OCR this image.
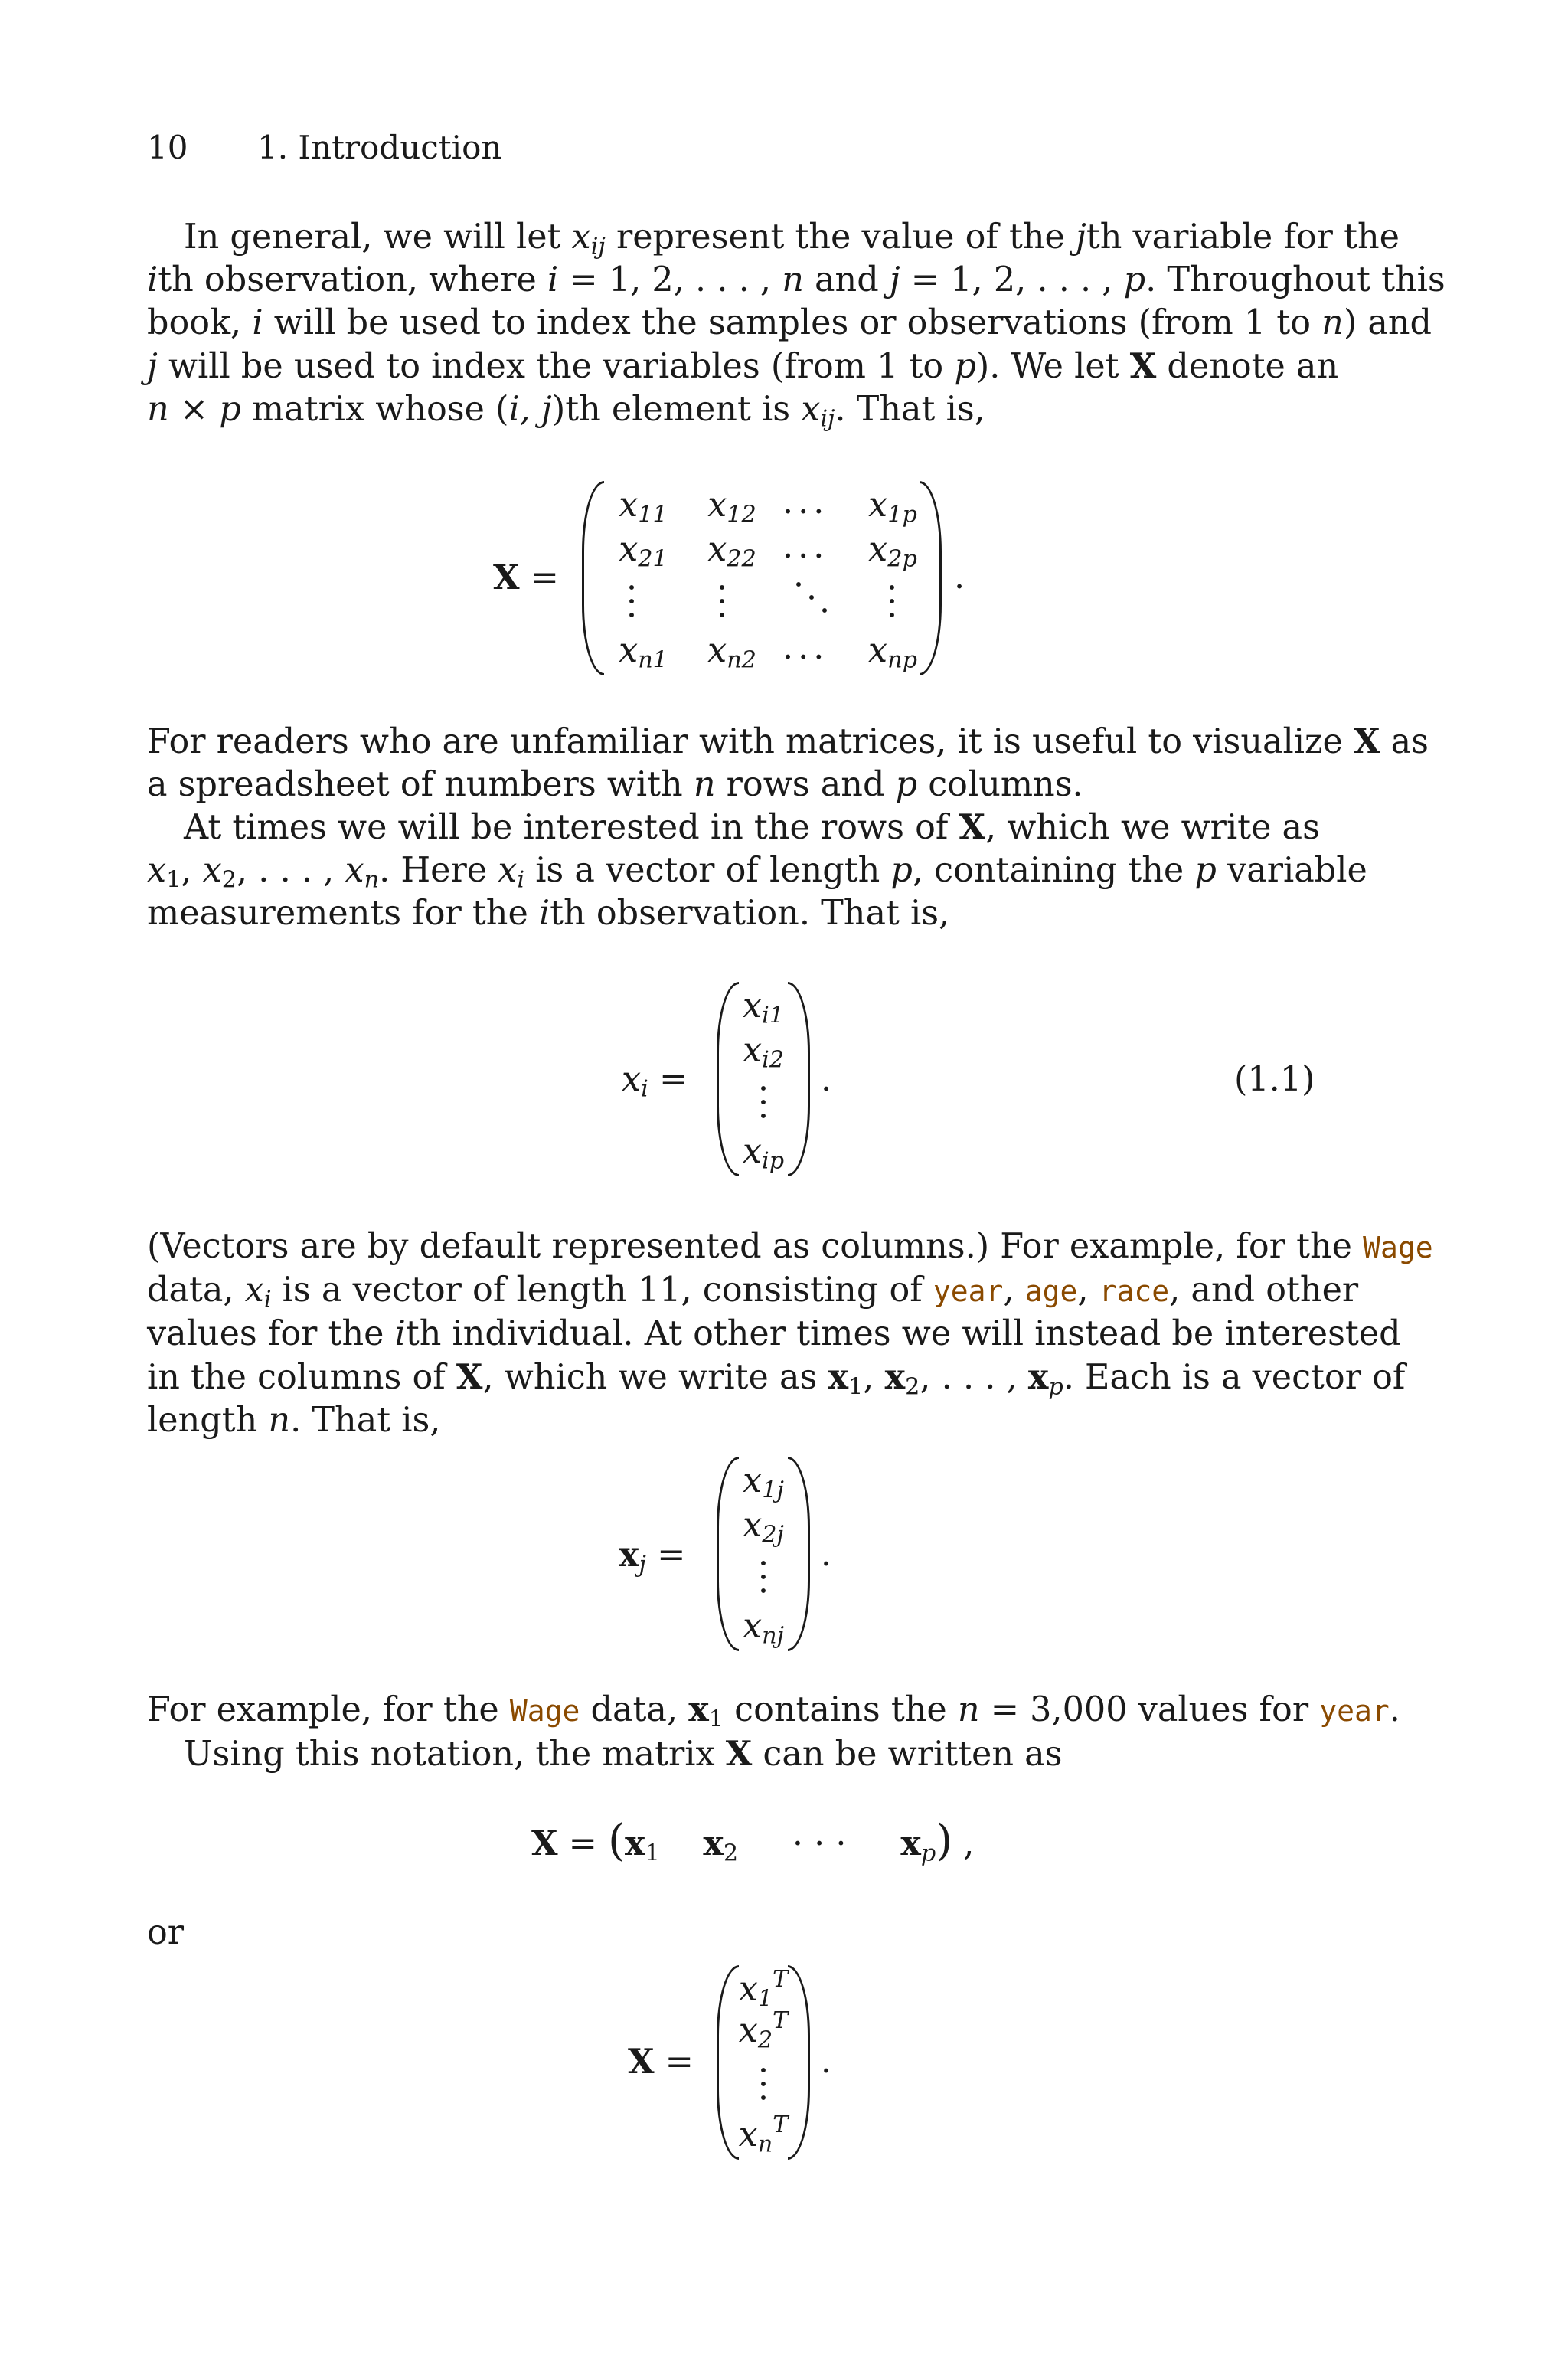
10 1. Introduction
In general, we will let $x_{ij}$ represent the value of the jth variable for the
ith observation, where i = 1, 2, . . . , n and j = 1, 2, . . . , p. Throughout this
book, i will be used to index the samples or observations (from 1 to n) and
j will be used to index the variables (from 1 to p). We let X denote an
n × p matrix whose (i, j)th element is $x_{ij}$. That is,
X =
$x_{11}$	$x_{12}$ ...	$x_{1p}$
$x_{21}$	$x_{22}$ ...	$x_{2p}$
$x_{n1}$	$x_{n2}$ ...	$x_{np}$
.
For readers who are unfamiliar with matrices, it is useful to visualize X as
a spreadsheet of numbers with n rows and p columns.
At times we will be interested in the rows of X, which we write as
$x_1$, $x_2$, . . . , $x_n$. Here $x_i$ is a vector of length p, containing the p variable
measurements for the ith observation. That is,
$x_i$ =
$x_{i1}$
$x_{i2}$
$x_{ip}$
.	(1.1)
(Vectors are by default represented as columns.) For example, for the Wage
data, $x_i$ is a vector of length 11, consisting of year, age, race, and other
values for the ith individual. At other times we will instead be interested
in the columns of X, which we write as $x_1$, $x_2$, . . . , $x_p$. Each is a vector of
length n. That is,
$x_j$ =
$x_{1j}$
$x_{2j}$
$x_{nj}$
.
For example, for the Wage data, $x_1$ contains the n = 3,000 values for year.
Using this notation, the matrix X can be written as
$X = (x_1$ $x_2$     · · ·     $x_p$) ,
or
X =
$x_1^T$
$x_2^T$
$x_n^T$
.
